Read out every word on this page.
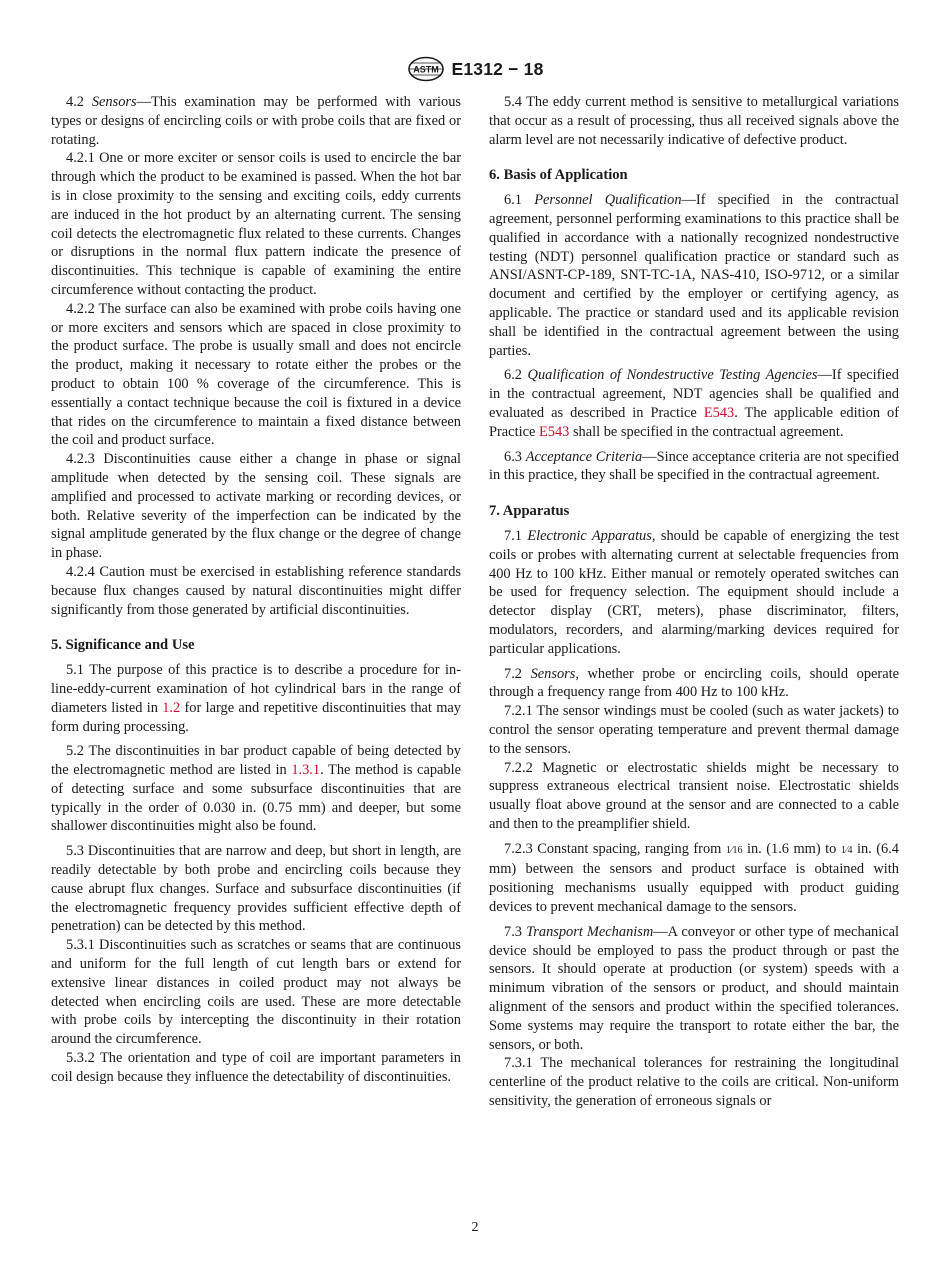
ASTM E1312 − 18

4.2 Sensors—This examination may be performed with various types or designs of encircling coils or with probe coils that are fixed or rotating.

4.2.1 One or more exciter or sensor coils is used to encircle the bar through which the product to be examined is passed. When the hot bar is in close proximity to the sensing and exciting coils, eddy currents are induced in the hot product by an alternating current. The sensing coil detects the electromagnetic flux related to these currents. Changes or disruptions in the normal flux pattern indicate the presence of discontinuities. This technique is capable of examining the entire circumference without contacting the product.

4.2.2 The surface can also be examined with probe coils having one or more exciters and sensors which are spaced in close proximity to the product surface. The probe is usually small and does not encircle the product, making it necessary to rotate either the probes or the product to obtain 100 % coverage of the circumference. This is essentially a contact technique because the coil is fixtured in a device that rides on the circumference to maintain a fixed distance between the coil and product surface.

4.2.3 Discontinuities cause either a change in phase or signal amplitude when detected by the sensing coil. These signals are amplified and processed to activate marking or recording devices, or both. Relative severity of the imperfection can be indicated by the signal amplitude generated by the flux change or the degree of change in phase.

4.2.4 Caution must be exercised in establishing reference standards because flux changes caused by natural discontinuities might differ significantly from those generated by artificial discontinuities.

5. Significance and Use

5.1 The purpose of this practice is to describe a procedure for in-line-eddy-current examination of hot cylindrical bars in the range of diameters listed in 1.2 for large and repetitive discontinuities that may form during processing.

5.2 The discontinuities in bar product capable of being detected by the electromagnetic method are listed in 1.3.1. The method is capable of detecting surface and some subsurface discontinuities that are typically in the order of 0.030 in. (0.75 mm) and deeper, but some shallower discontinuities might also be found.

5.3 Discontinuities that are narrow and deep, but short in length, are readily detectable by both probe and encircling coils because they cause abrupt flux changes. Surface and subsurface discontinuities (if the electromagnetic frequency provides sufficient effective depth of penetration) can be detected by this method.

5.3.1 Discontinuities such as scratches or seams that are continuous and uniform for the full length of cut length bars or extend for extensive linear distances in coiled product may not always be detected when encircling coils are used. These are more detectable with probe coils by intercepting the discontinuity in their rotation around the circumference.

5.3.2 The orientation and type of coil are important parameters in coil design because they influence the detectability of discontinuities.

5.4 The eddy current method is sensitive to metallurgical variations that occur as a result of processing, thus all received signals above the alarm level are not necessarily indicative of defective product.

6. Basis of Application

6.1 Personnel Qualification—If specified in the contractual agreement, personnel performing examinations to this practice shall be qualified in accordance with a nationally recognized nondestructive testing (NDT) personnel qualification practice or standard such as ANSI/ASNT-CP-189, SNT-TC-1A, NAS-410, ISO-9712, or a similar document and certified by the employer or certifying agency, as applicable. The practice or standard used and its applicable revision shall be identified in the contractual agreement between the using parties.

6.2 Qualification of Nondestructive Testing Agencies—If specified in the contractual agreement, NDT agencies shall be qualified and evaluated as described in Practice E543. The applicable edition of Practice E543 shall be specified in the contractual agreement.

6.3 Acceptance Criteria—Since acceptance criteria are not specified in this practice, they shall be specified in the contractual agreement.

7. Apparatus

7.1 Electronic Apparatus, should be capable of energizing the test coils or probes with alternating current at selectable frequencies from 400 Hz to 100 kHz. Either manual or remotely operated switches can be used for frequency selection. The equipment should include a detector display (CRT, meters), phase discriminator, filters, modulators, recorders, and alarming/marking devices required for particular applications.

7.2 Sensors, whether probe or encircling coils, should operate through a frequency range from 400 Hz to 100 kHz.

7.2.1 The sensor windings must be cooled (such as water jackets) to control the sensor operating temperature and prevent thermal damage to the sensors.

7.2.2 Magnetic or electrostatic shields might be necessary to suppress extraneous electrical transient noise. Electrostatic shields usually float above ground at the sensor and are connected to a cable and then to the preamplifier shield.

7.2.3 Constant spacing, ranging from 1⁄16 in. (1.6 mm) to 1⁄4 in. (6.4 mm) between the sensors and product surface is obtained with positioning mechanisms usually equipped with product guiding devices to prevent mechanical damage to the sensors.

7.3 Transport Mechanism—A conveyor or other type of mechanical device should be employed to pass the product through or past the sensors. It should operate at production (or system) speeds with a minimum vibration of the sensors or product, and should maintain alignment of the sensors and product within the specified tolerances. Some systems may require the transport to rotate either the bar, the sensors, or both.

7.3.1 The mechanical tolerances for restraining the longitudinal centerline of the product relative to the coils are critical. Non-uniform sensitivity, the generation of erroneous signals or

2
